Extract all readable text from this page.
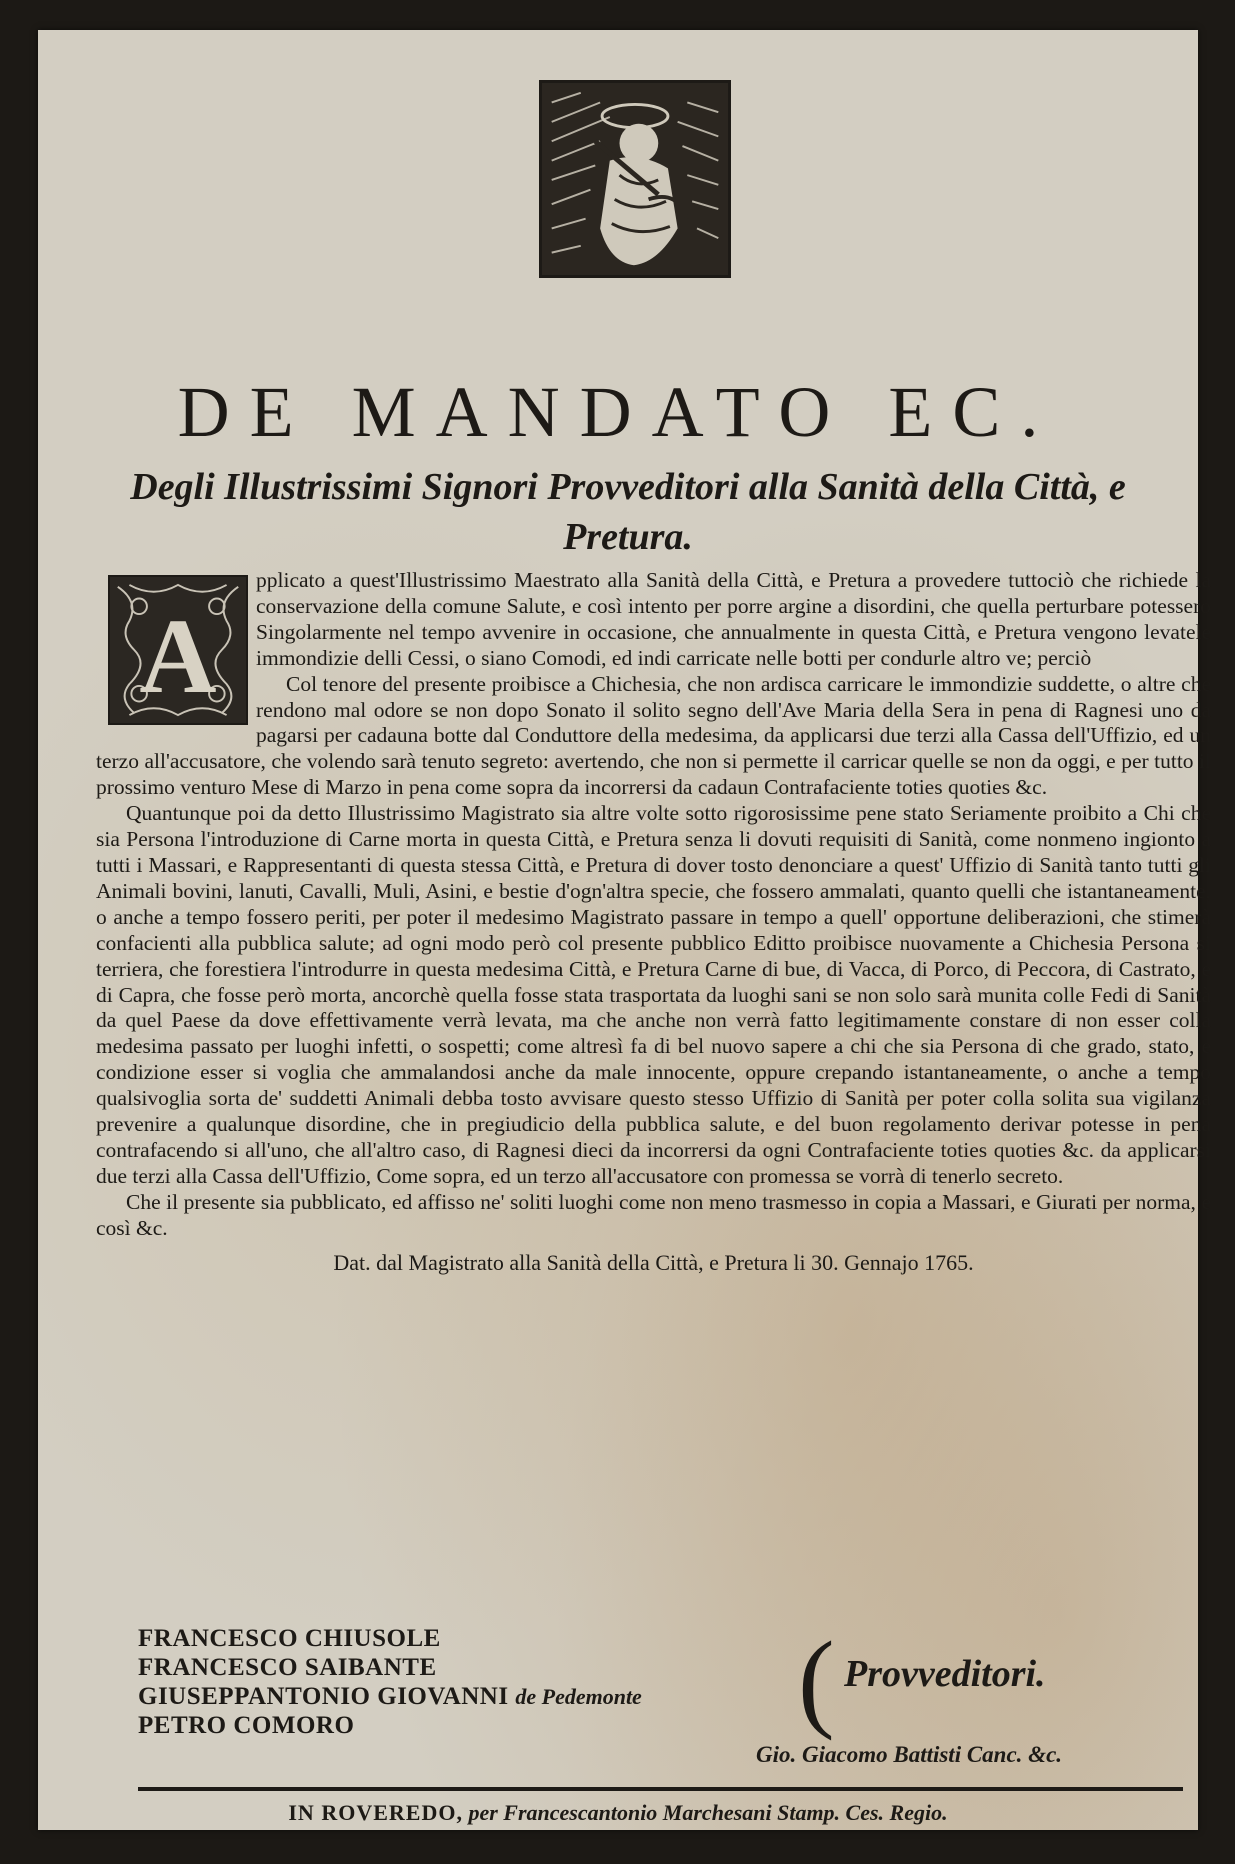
DE MANDATO EC.
Degli Illustrissimi Signori Provveditori alla Sanità della Città, e Pretura.
A

pplicato a quest'Illustrissimo Maestrato alla Sanità della Città, e Pretura a provedere tuttociò che richiede la conservazione della comune Salute, e così intento per porre argine a disordini, che quella perturbare potessero Singolarmente nel tempo avvenire in occasione, che annualmente in questa Città, e Pretura vengono levatele immondizie delli Cessi, o siano Comodi, ed indi carricate nelle botti per condurle altro ve; perciò

Col tenore del presente proibisce a Chichesia, che non ardisca carricare le immondizie suddette, o altre che rendono mal odore se non dopo Sonato il solito segno dell'Ave Maria della Sera in pena di Ragnesi uno da pagarsi per cadauna botte dal Conduttore della medesima, da applicarsi due terzi alla Cassa dell'Uffizio, ed un terzo all'accusatore, che volendo sarà tenuto segreto: avertendo, che non si permette il carricar quelle se non da oggi, e per tutto il prossimo venturo Mese di Marzo in pena come sopra da incorrersi da cadaun Contrafaciente toties quoties &c.

Quantunque poi da detto Illustrissimo Magistrato sia altre volte sotto rigorosissime pene stato Seriamente proibito a Chi che sia Persona l'introduzione di Carne morta in questa Città, e Pretura senza li dovuti requisiti di Sanità, come nonmeno ingionto a tutti i Massari, e Rappresentanti di questa stessa Città, e Pretura di dover tosto denonciare a quest' Uffizio di Sanità tanto tutti gli Animali bovini, lanuti, Cavalli, Muli, Asini, e bestie d'ogn'altra specie, che fossero ammalati, quanto quelli che istantaneamente, o anche a tempo fossero periti, per poter il medesimo Magistrato passare in tempo a quell' opportune deliberazioni, che stimerà confacienti alla pubblica salute; ad ogni modo però col presente pubblico Editto proibisce nuovamente a Chichesia Persona si terriera, che forestiera l'introdurre in questa medesima Città, e Pretura Carne di bue, di Vacca, di Porco, di Peccora, di Castrato, e di Capra, che fosse però morta, ancorchè quella fosse stata trasportata da luoghi sani se non solo sarà munita colle Fedi di Sanità da quel Paese da dove effettivamente verrà levata, ma che anche non verrà fatto legitimamente constare di non esser colla medesima passato per luoghi infetti, o sospetti; come altresì fa di bel nuovo sapere a chi che sia Persona di che grado, stato, e condizione esser si voglia che ammalandosi anche da male innocente, oppure crepando istantaneamente, o anche a tempo qualsivoglia sorta de' suddetti Animali debba tosto avvisare questo stesso Uffizio di Sanità per poter colla solita sua vigilanza prevenire a qualunque disordine, che in pregiudicio della pubblica salute, e del buon regolamento derivar potesse in pena contrafacendo si all'uno, che all'altro caso, di Ragnesi dieci da incorrersi da ogni Contrafaciente toties quoties &c. da applicarsi due terzi alla Cassa dell'Uffizio, Come sopra, ed un terzo all'accusatore con promessa se vorrà di tenerlo secreto.

Che il presente sia pubblicato, ed affisso ne' soliti luoghi come non meno trasmesso in copia a Massari, e Giurati per norma, e così &c.

Dat. dal Magistrato alla Sanità della Città, e Pretura li 30. Gennajo 1765.

FRANCESCO CHIUSOLE
FRANCESCO SAIBANTE
GIUSEPPANTONIO GIOVANNI de Pedemonte
PETRO COMORO	( Provveditori.
Gio. Giacomo Battisti Canc. &c.
IN ROVEREDO, per Francescantonio Marchesani Stamp. Ces. Regio.
